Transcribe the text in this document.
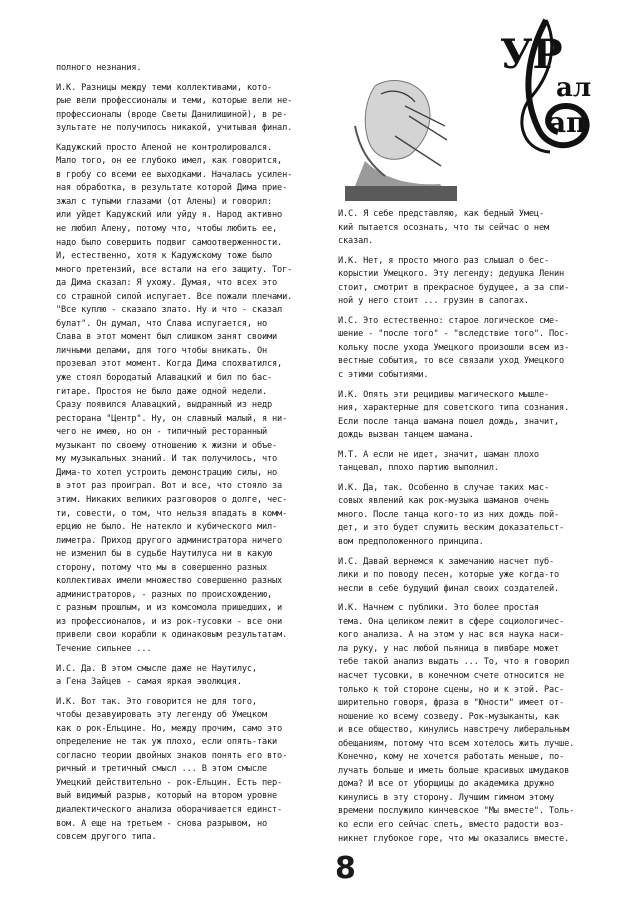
УР
ал
ап

полного незнания.

И.К. Разницы между теми коллективами, кото-
рые вели профессионалы и теми, которые вели не-
профессионалы (вроде Светы Данилишиной), в ре-
зультате не получилось никакой, учитывая финал.

Кадужский просто Аленой не контролировался.
Мало того, он ее глубоко имел, как говорится,
в гробу со всеми ее выходками. Началась усилен-
ная обработка, в результате которой Дима прие-
зжал с тупыми глазами (от Алены) и говорил:
или уйдет Кадужский или уйду я. Народ активно
не любил Алену, потому что, чтобы любить ее,
надо было совершить подвиг самоотверженности.
И, естественно, хотя к Кадужскому тоже было
много претензий, все встали на его защиту. Тог-
да Дима сказал: Я ухожу. Думая, что всех это
со страшной силой испугает. Все пожали плечами.
"Все куплю - сказало злато. Ну и что - сказал
булат". Он думал, что Слава испугается, но
Слава в этот момент был слишком занят своими
личными делами, для того чтобы вникать. Он
прозевал этот момент. Когда Дима спохватился,
уже стоял бородатый Алавацкий и бил по бас-
гитаре. Простоя не было даже одной недели.
Сразу появился Алавацкий, выдранный из недр
ресторана "Центр". Ну, он славный малый, я ни-
чего не имею, но он - типичный ресторанный
музыкант по своему отношению к жизни и объе-
му музыкальных знаний. И так получилось, что
Димa-то хотел устроить демонстрацию силы, но
в этот раз проиграл. Вот и все, что стояло за
этим. Никаких великих разговоров о долге, чес-
ти, совести, о том, что нельзя впадать в комм-
ерцию не было. Не натекло и кубического мил-
лиметра. Приход другого администратора ничего
не изменил бы в судьбе Наутилуса ни в какую
сторону, потому что мы в совершенно разных
коллективах имели множество совершенно разных
администраторов, - разных по происхождению,
с разным прошлым, и из комсомола пришедших, и
из профессионалов, и из рок-тусовки - все они
привели свои корабли к одинаковым результатам.
Течение сильнее ...

И.С. Да. В этом смысле даже не Наутилус,
а Гена Зайцев - самая яркая эволюция.

И.К. Вот так. Это говорится не для того,
чтобы дезавуировать эту легенду об Умецком
как о рок-Ельцине. Но, между прочим, само это
определение не так уж плохо, если опять-таки
согласно теории двойных знаков понять его вто-
ричный и третичный смысл ... В этом смысле
Умецкий действительно - рок-Ельцин. Есть пер-
вый видимый разрыв, который на втором уровне
диалектического анализа оборачивается единст-
вом. А еще на третьем - снова разрывом, но
совсем другого типа.

И.С. Я себе представляю, как бедный Умец-
кий пытается осознать, что ты сейчас о нем
сказал.

И.К. Нет, я просто много раз слышал о бес-
корыстии Умецкого. Эту легенду: дедушка Ленин
стоит, смотрит в прекрасное будущее, а за спи-
ной у него стоит ... грузин в сапогах.

И.С. Это естественно: старое логическое сме-
шение - "после того" - "вследствие того". Пос-
кольку после ухода Умецкого произошли всем из-
вестные события, то все связали уход Умецкого
с этими событиями.

И.К. Опять эти рецидивы магического мышле-
ния, характерные для советского типа сознания.
Если после танца шамана пошел дождь, значит,
дождь вызван танцем шамана.

М.Т. А если не идет, значит, шаман плохо
танцевал, плохо партию выполнил.

И.К. Да, так. Особенно в случае таких мас-
совых явлений как рок-музыка шаманов очень
много. После танца кого-то из них дождь пой-
дет, и это будет служить веским доказательст-
вом предположенного принципа.

И.С. Давай вернемся к замечанию насчет пуб-
лики и по поводу песен, которые уже когда-то
несли в себе будущий финал своих создателей.

И.К. Начнем с публики. Это более простая
тема. Она целиком лежит в сфере социологичес-
кого анализа. А на этом у нас вся наука наси-
ла руку, у нас любой пьяница в пивбаре может
тебе такой анализ выдать ... То, что я говорил
насчет тусовки, в конечном счете относится не
только к той стороне сцены, но и к этой. Рас-
ширительно говоря, фраза в "Юности" имеет от-
ношение ко всему созведу. Рок-музыканты, как
и все общество, кинулись навстречу либеральным
обещаниям, потому что всем хотелось жить лучше.
Конечно, кому не хочется работать меньше, по-
лучать больше и иметь больше красивых шмудаков
дома? И все от уборщицы до академика дружно
кинулись в эту сторону. Лучшим гимном этому
времени послужило кинчевское "Мы вместе". Толь-
ко если его сейчас спеть, вместо радости воз-
никнет глубокое горе, что мы оказались вместе.

8
